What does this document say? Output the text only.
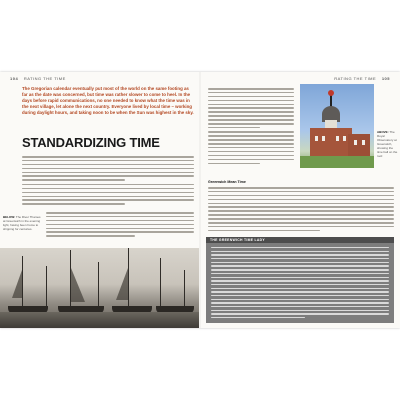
104 RATING THE TIME
The Gregorian calendar eventually put most of the world on the same footing as far as the date was concerned, but time was rather slower to come to heel. In the days before rapid communications, no one needed to know what the time was in the next village, let alone the next country. Everyone lived by local time – working during daylight hours, and taking noon to be when the Sun was highest in the sky.
STANDARDIZING TIME
BELOW: The River Thames at Greenwich in the evening light, having been home to shipping for centuries.
RATING THE TIME 105
ABOVE: The Royal Observatory at Greenwich, showing the time ball on the roof.
Greenwich Mean Time
THE GREENWICH TIME LADY
